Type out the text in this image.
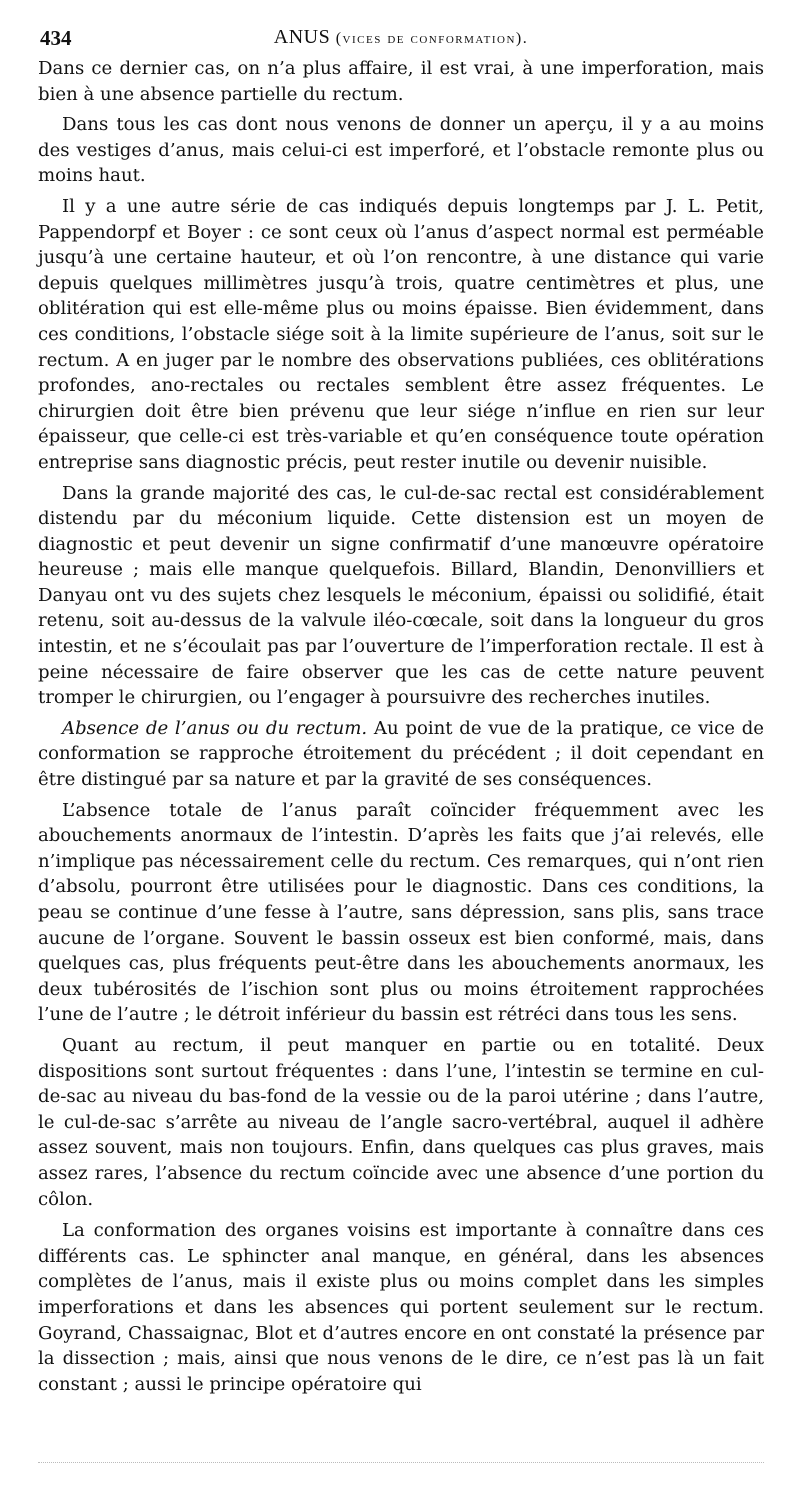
434	ANUS (vices de conformation).

Dans ce dernier cas, on n’a plus affaire, il est vrai, à une imperforation, mais bien à une absence partielle du rectum.

Dans tous les cas dont nous venons de donner un aperçu, il y a au moins des vestiges d’anus, mais celui-ci est imperforé, et l’obstacle remonte plus ou moins haut.

Il y a une autre série de cas indiqués depuis longtemps par J. L. Petit, Pappendorpf et Boyer : ce sont ceux où l’anus d’aspect normal est perméable jusqu’à une certaine hauteur, et où l’on rencontre, à une distance qui varie depuis quelques millimètres jusqu’à trois, quatre centimètres et plus, une oblitération qui est elle-même plus ou moins épaisse. Bien évidemment, dans ces conditions, l’obstacle siége soit à la limite supérieure de l’anus, soit sur le rectum. A en juger par le nombre des observations publiées, ces oblitérations profondes, ano-rectales ou rectales semblent être assez fréquentes. Le chirurgien doit être bien prévenu que leur siége n’influe en rien sur leur épaisseur, que celle-ci est très-variable et qu’en conséquence toute opération entreprise sans diagnostic précis, peut rester inutile ou devenir nuisible.

Dans la grande majorité des cas, le cul-de-sac rectal est considérablement distendu par du méconium liquide. Cette distension est un moyen de diagnostic et peut devenir un signe confirmatif d’une manœuvre opératoire heureuse ; mais elle manque quelquefois. Billard, Blandin, Denonvilliers et Danyau ont vu des sujets chez lesquels le méconium, épaissi ou solidifié, était retenu, soit au-dessus de la valvule iléo-cœcale, soit dans la longueur du gros intestin, et ne s’écoulait pas par l’ouverture de l’imperforation rectale. Il est à peine nécessaire de faire observer que les cas de cette nature peuvent tromper le chirurgien, ou l’engager à poursuivre des recherches inutiles.

Absence de l’anus ou du rectum. Au point de vue de la pratique, ce vice de conformation se rapproche étroitement du précédent ; il doit cependant en être distingué par sa nature et par la gravité de ses conséquences.

L’absence totale de l’anus paraît coïncider fréquemment avec les abouchements anormaux de l’intestin. D’après les faits que j’ai relevés, elle n’implique pas nécessairement celle du rectum. Ces remarques, qui n’ont rien d’absolu, pourront être utilisées pour le diagnostic. Dans ces conditions, la peau se continue d’une fesse à l’autre, sans dépression, sans plis, sans trace aucune de l’organe. Souvent le bassin osseux est bien conformé, mais, dans quelques cas, plus fréquents peut-être dans les abouchements anormaux, les deux tubérosités de l’ischion sont plus ou moins étroitement rapprochées l’une de l’autre ; le détroit inférieur du bassin est rétréci dans tous les sens.

Quant au rectum, il peut manquer en partie ou en totalité. Deux dispositions sont surtout fréquentes : dans l’une, l’intestin se termine en cul-de-sac au niveau du bas-fond de la vessie ou de la paroi utérine ; dans l’autre, le cul-de-sac s’arrête au niveau de l’angle sacro-vertébral, auquel il adhère assez souvent, mais non toujours. Enfin, dans quelques cas plus graves, mais assez rares, l’absence du rectum coïncide avec une absence d’une portion du côlon.

La conformation des organes voisins est importante à connaître dans ces différents cas. Le sphincter anal manque, en général, dans les absences complètes de l’anus, mais il existe plus ou moins complet dans les simples imperforations et dans les absences qui portent seulement sur le rectum. Goyrand, Chassaignac, Blot et d’autres encore en ont constaté la présence par la dissection ; mais, ainsi que nous venons de le dire, ce n’est pas là un fait constant ; aussi le principe opératoire qui
